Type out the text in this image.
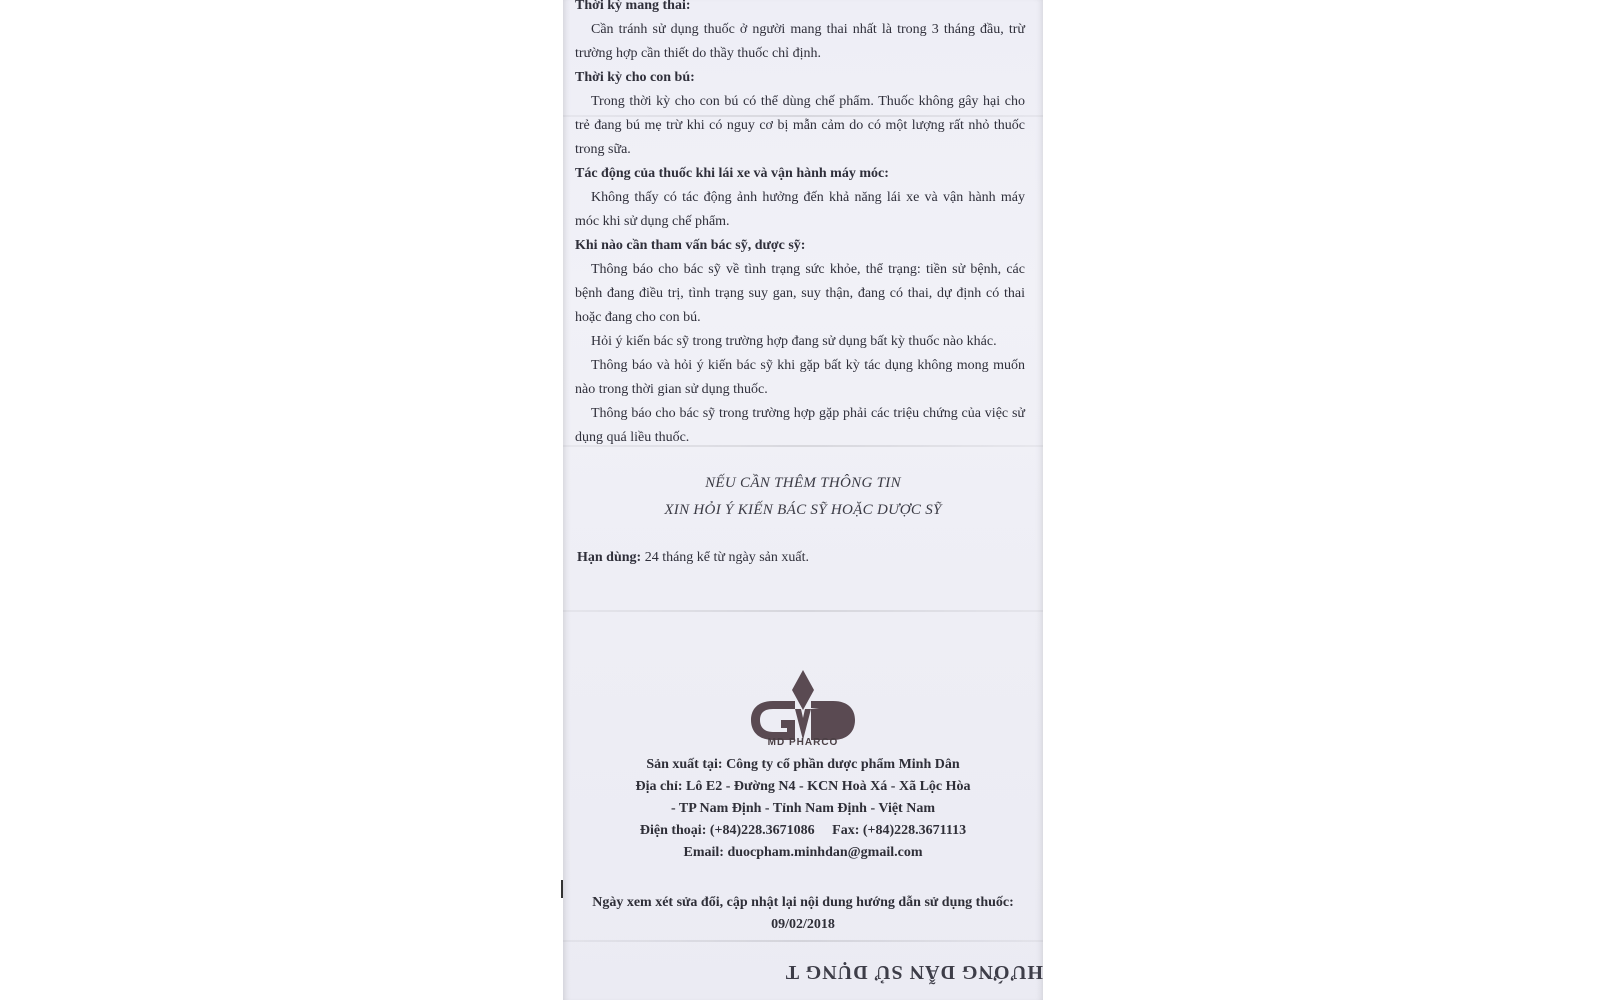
Thời kỳ mang thai:

Cần tránh sử dụng thuốc ở người mang thai nhất là trong 3 tháng đầu, trừ trường hợp cần thiết do thầy thuốc chỉ định.

Thời kỳ cho con bú:

Trong thời kỳ cho con bú có thể dùng chế phẩm. Thuốc không gây hại cho trẻ đang bú mẹ trừ khi có nguy cơ bị mẫn cảm do có một lượng rất nhỏ thuốc trong sữa.

Tác động của thuốc khi lái xe và vận hành máy móc:

Không thấy có tác động ảnh hưởng đến khả năng lái xe và vận hành máy móc khi sử dụng chế phẩm.

Khi nào cần tham vấn bác sỹ, dược sỹ:

Thông báo cho bác sỹ về tình trạng sức khỏe, thể trạng: tiền sử bệnh, các bệnh đang điều trị, tình trạng suy gan, suy thận, đang có thai, dự định có thai hoặc đang cho con bú.

Hỏi ý kiến bác sỹ trong trường hợp đang sử dụng bất kỳ thuốc nào khác.

Thông báo và hỏi ý kiến bác sỹ khi gặp bất kỳ tác dụng không mong muốn nào trong thời gian sử dụng thuốc.

Thông báo cho bác sỹ trong trường hợp gặp phải các triệu chứng của việc sử dụng quá liều thuốc.

NẾU CẦN THÊM THÔNG TIN
XIN HỎI Ý KIẾN BÁC SỸ HOẶC DƯỢC SỸ
Hạn dùng: 24 tháng kể từ ngày sản xuất.
MD PHARCO
Sản xuất tại: Công ty cổ phần dược phẩm Minh Dân
Địa chỉ: Lô E2 - Đường N4 - KCN Hoà Xá - Xã Lộc Hòa
- TP Nam Định - Tỉnh Nam Định - Việt Nam
Điện thoại: (+84)228.3671086     Fax: (+84)228.3671113
Email: duocpham.minhdan@gmail.com
Ngày xem xét sửa đổi, cập nhật lại nội dung hướng dẫn sử dụng thuốc:
09/02/2018
HƯỚNG DẪN SỬ DỤNG T
